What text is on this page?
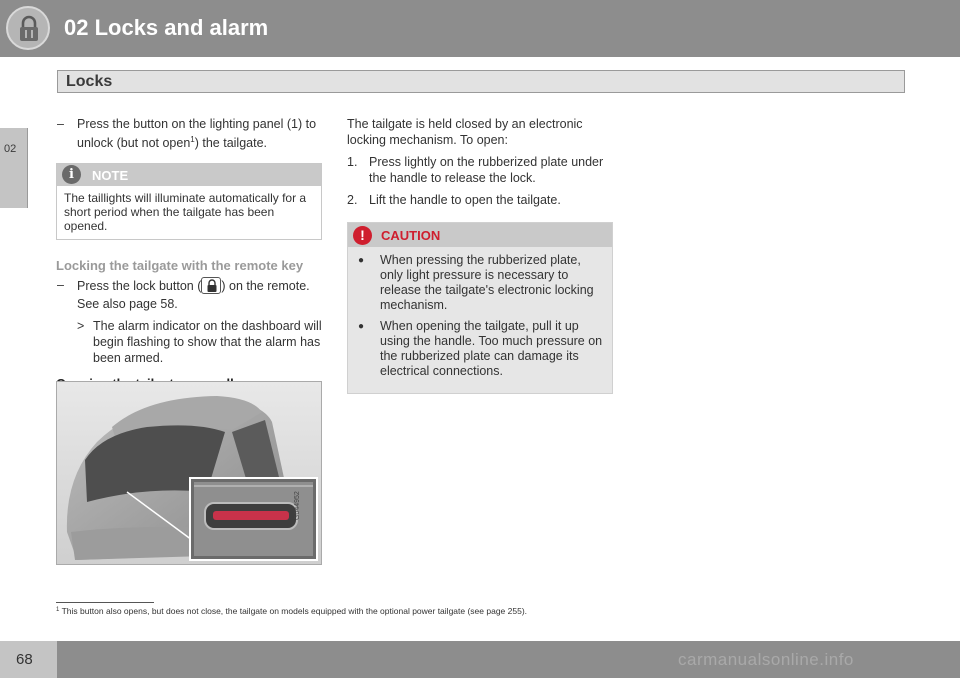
02 Locks and alarm
Locks
02
– Press the button on the lighting panel (1) to unlock (but not open$^1$) the tailgate.
i	NOTE
The taillights will illuminate automatically for a short period when the tailgate has been opened.
Locking the tailgate with the remote key
– Press the lock button ( ) on the remote.
See also page 58.
> The alarm indicator on the dashboard will begin flashing to show that the alarm has been armed.
G044952
The tailgate is held closed by an electronic locking mechanism. To open:
1. Press lightly on the rubberized plate under the handle to release the lock.
2. Lift the handle to open the tailgate.
!	CAUTION
● When pressing the rubberized plate, only light pressure is necessary to release the tailgate's electronic locking mechanism.
● When opening the tailgate, pull it up using the handle. Too much pressure on the rubberized plate can damage its electrical connections.
$^1$ This button also opens, but does not close, the tailgate on models equipped with the optional power tailgate (see page 255).
68	carmanualsonline.info
